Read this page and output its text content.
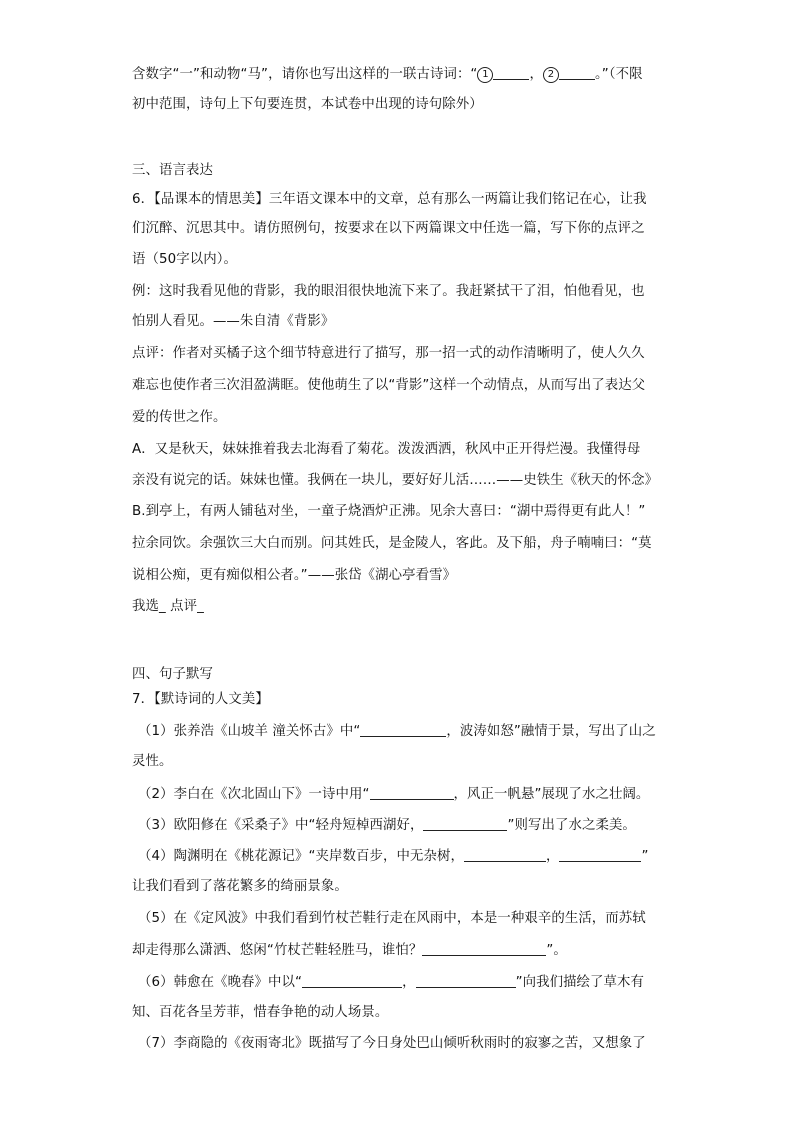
含数字“一”和动物“马”，请你也写出这样的一联古诗词：“ 1	， 2	。”（不限
初中范围，诗句上下句要连贯，本试卷中出现的诗句除外）
三、语言表达
6．【品课本的情思美】三年语文课本中的文章，总有那么一两篇让我们铭记在心，让我
们沉醉、沉思其中。请仿照例句，按要求在以下两篇课文中任选一篇，写下你的点评之
语（50字以内）。
例：这时我看见他的背影，我的眼泪很快地流下来了。我赶紧拭干了泪，怕他看见，也
怕别人看见。——朱自清《背影》
点评：作者对买橘子这个细节特意进行了描写，那一招一式的动作清晰明了，使人久久
难忘也使作者三次泪盈满眶。使他萌生了以“背影”这样一个动情点，从而写出了表达父
爱的传世之作。
A．又是秋天，妹妹推着我去北海看了菊花。泼泼洒洒，秋风中正开得烂漫。我懂得母
亲没有说完的话。妹妹也懂。我俩在一块儿，要好好儿活……——史铁生《秋天的怀念》
B.到亭上，有两人铺毡对坐，一童子烧酒炉正沸。见余大喜曰：“湖中焉得更有此人！”
拉余同饮。余强饮三大白而别。问其姓氏，是金陵人，客此。及下船，舟子喃喃曰：“莫
说相公痴，更有痴似相公者。”——张岱《湖心亭看雪》
我选_ 点评_
四、句子默写
7．【默诗词的人文美】
（1）张养浩《山坡羊 潼关怀古》中“	，波涛如怒”融情于景，写出了山之
灵性。
（2）李白在《次北固山下》一诗中用“	，风正一帆悬”展现了水之壮阔。
（3）欧阳修在《采桑子》中“轻舟短棹西湖好，	”则写出了水之柔美。
（4）陶渊明在《桃花源记》“夹岸数百步，中无杂树，	，	”
让我们看到了落花繁多的绮丽景象。
（5）在《定风波》中我们看到竹杖芒鞋行走在风雨中，本是一种艰辛的生活，而苏轼
却走得那么潇洒、悠闲“竹杖芒鞋轻胜马，谁怕？	”。
（6）韩愈在《晚春》中以“	，	”向我们描绘了草木有
知、百花各呈芳菲，惜春争艳的动人场景。
（7）李商隐的《夜雨寄北》既描写了今日身处巴山倾听秋雨时的寂寥之苦，又想象了
